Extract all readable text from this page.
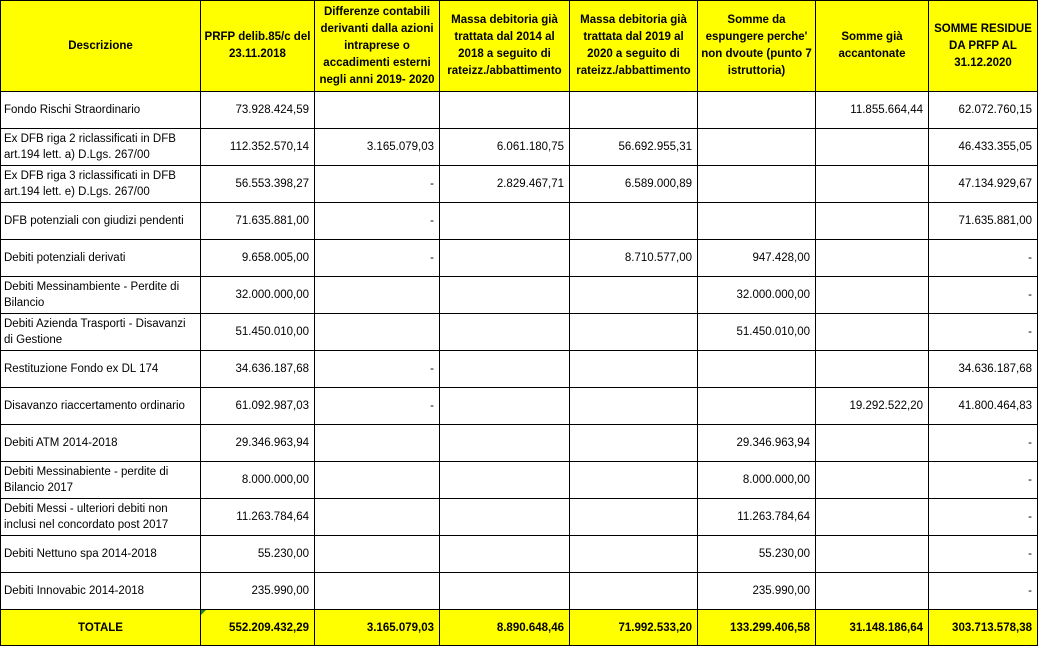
Descrizione	PRFP delib.85/c del 23.11.2018	Differenze contabili derivanti dalla azioni intraprese o accadimenti esterni negli anni 2019- 2020	Massa debitoria già trattata dal 2014 al 2018 a seguito di rateizz./abbattimento	Massa debitoria già trattata dal 2019 al 2020 a seguito di rateizz./abbattimento	Somme da espungere perche' non dvoute (punto 7 istruttoria)	Somme già accantonate	SOMME RESIDUE DA PRFP AL 31.12.2020
Fondo Rischi Straordinario	73.928.424,59					11.855.664,44	62.072.760,15
Ex DFB riga 2 riclassificati in DFB art.194 lett. a) D.Lgs. 267/00	112.352.570,14	3.165.079,03	6.061.180,75	56.692.955,31			46.433.355,05
Ex DFB riga 3 riclassificati in DFB art.194 lett. e) D.Lgs. 267/00	56.553.398,27	-	2.829.467,71	6.589.000,89			47.134.929,67
DFB potenziali con giudizi pendenti	71.635.881,00	-					71.635.881,00
Debiti potenziali derivati	9.658.005,00	-		8.710.577,00	947.428,00		-
Debiti Messinambiente - Perdite di Bilancio	32.000.000,00				32.000.000,00		-
Debiti Azienda Trasporti - Disavanzi di Gestione	51.450.010,00				51.450.010,00		-
Restituzione Fondo ex DL 174	34.636.187,68	-					34.636.187,68
Disavanzo riaccertamento ordinario	61.092.987,03	-				19.292.522,20	41.800.464,83
Debiti ATM 2014-2018	29.346.963,94				29.346.963,94		-
Debiti Messinabiente - perdite di Bilancio 2017	8.000.000,00				8.000.000,00		-
Debiti Messi - ulteriori debiti non inclusi nel concordato post 2017	11.263.784,64				11.263.784,64		-
Debiti Nettuno spa 2014-2018	55.230,00				55.230,00		-
Debiti Innovabic 2014-2018	235.990,00				235.990,00		-
TOTALE	552.209.432,29	3.165.079,03	8.890.648,46	71.992.533,20	133.299.406,58	31.148.186,64	303.713.578,38
